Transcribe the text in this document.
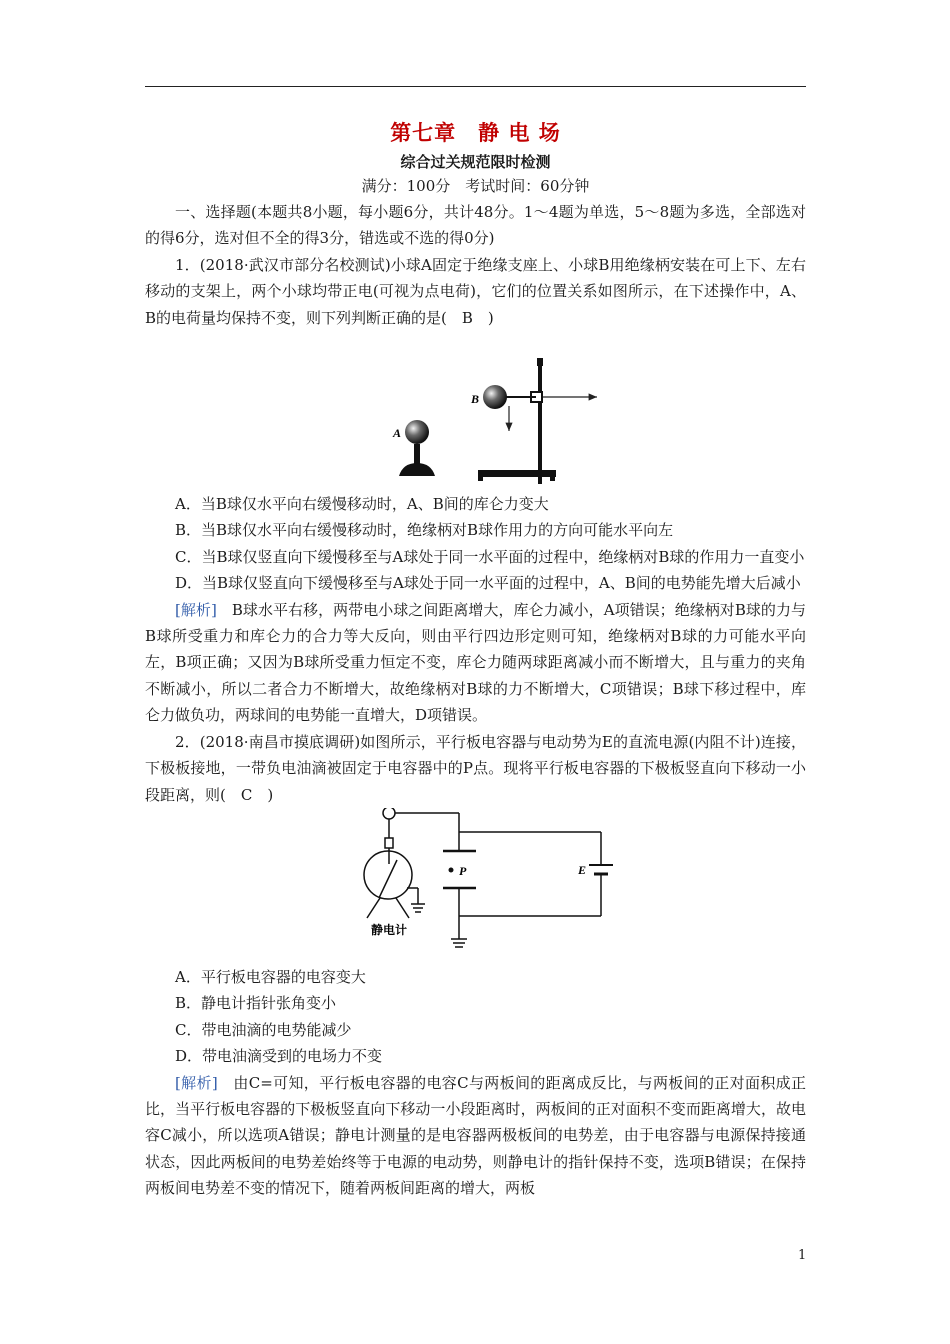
第七章　静 电 场
综合过关规范限时检测
满分：100分　考试时间：60分钟

一、选择题(本题共8小题，每小题6分，共计48分。1～4题为单选，5～8题为多选，全部选对的得6分，选对但不全的得3分，错选或不选的得0分)

1．(2018·武汉市部分名校测试)小球A固定于绝缘支座上、小球B用绝缘柄安装在可上下、左右移动的支架上，两个小球均带正电(可视为点电荷)，它们的位置关系如图所示，在下述操作中，A、B的电荷量均保持不变，则下列判断正确的是(　B　)

A
B

A．当B球仅水平向右缓慢移动时，A、B间的库仑力变大

B．当B球仅水平向右缓慢移动时，绝缘柄对B球作用力的方向可能水平向左

C．当B球仅竖直向下缓慢移至与A球处于同一水平面的过程中，绝缘柄对B球的作用力一直变小

D．当B球仅竖直向下缓慢移至与A球处于同一水平面的过程中，A、B间的电势能先增大后减小

[解析]　B球水平右移，两带电小球之间距离增大，库仑力减小，A项错误；绝缘柄对B球的力与B球所受重力和库仑力的合力等大反向，则由平行四边形定则可知，绝缘柄对B球的力可能水平向左，B项正确；又因为B球所受重力恒定不变，库仑力随两球距离减小而不断增大，且与重力的夹角不断减小，所以二者合力不断增大，故绝缘柄对B球的力不断增大，C项错误；B球下移过程中，库仑力做负功，两球间的电势能一直增大，D项错误。

2．(2018·南昌市摸底调研)如图所示，平行板电容器与电动势为E的直流电源(内阻不计)连接，下极板接地，一带负电油滴被固定于电容器中的P点。现将平行板电容器的下极板竖直向下移动一小段距离，则(　C　)

P	E
静电计

A．平行板电容器的电容变大

B．静电计指针张角变小

C．带电油滴的电势能减少

D．带电油滴受到的电场力不变

[解析]　由C=可知，平行板电容器的电容C与两板间的距离成反比，与两板间的正对面积成正比，当平行板电容器的下极板竖直向下移动一小段距离时，两板间的正对面积不变而距离增大，故电容C减小，所以选项A错误；静电计测量的是电容器两极板间的电势差，由于电容器与电源保持接通状态，因此两板间的电势差始终等于电源的电动势，则静电计的指针保持不变，选项B错误；在保持两板间电势差不变的情况下，随着两板间距离的增大，两板

1
